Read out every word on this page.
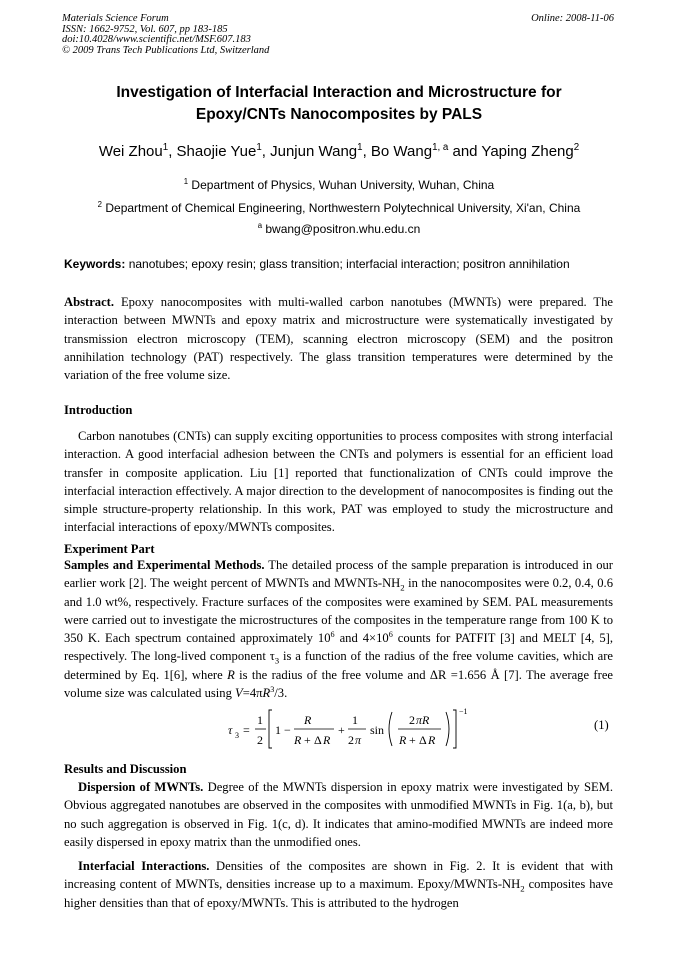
Materials Science Forum
ISSN: 1662-9752, Vol. 607, pp 183-185
doi:10.4028/www.scientific.net/MSF.607.183
© 2009 Trans Tech Publications Ltd, Switzerland
Online: 2008-11-06
Investigation of Interfacial Interaction and Microstructure for
Epoxy/CNTs Nanocomposites by PALS
Wei Zhou$^1$, Shaojie Yue$^1$, Junjun Wang$^1$, Bo Wang$^{1, a}$ and Yaping Zheng$^2$
$^1$ Department of Physics, Wuhan University, Wuhan, China
$^2$ Department of Chemical Engineering, Northwestern Polytechnical University, Xi'an, China
$^a$ bwang@positron.whu.edu.cn
Keywords: nanotubes; epoxy resin; glass transition; interfacial interaction; positron annihilation

Abstract. Epoxy nanocomposites with multi-walled carbon nanotubes (MWNTs) were prepared. The interaction between MWNTs and epoxy matrix and microstructure were systematically investigated by transmission electron microscopy (TEM), scanning electron microscopy (SEM) and the positron annihilation technology (PAT) respectively. The glass transition temperatures were determined by the variation of the free volume size.

Introduction

Carbon nanotubes (CNTs) can supply exciting opportunities to process composites with strong interfacial interaction. A good interfacial adhesion between the CNTs and polymers is essential for an efficient load transfer in composite application. Liu [1] reported that functionalization of CNTs could improve the interfacial interaction effectively. A major direction to the development of nanocomposites is finding out the simple structure-property relationship. In this work, PAT was employed to study the microstructure and interfacial interactions of epoxy/MWNTs composites.

Experiment Part

Samples and Experimental Methods. The detailed process of the sample preparation is introduced in our earlier work [2]. The weight percent of MWNTs and MWNTs-$NH_2$ in the nanocomposites were 0.2, 0.4, 0.6 and 1.0 wt%, respectively. Fracture surfaces of the composites were examined by SEM. PAL measurements were carried out to investigate the microstructures of the composites in the temperature range from 100 K to 350 K. Each spectrum contained approximately $10^6$ and $4\times 10^6$ counts for PATFIT [3] and MELT [4, 5], respectively. The long-lived component $\tau_3$ is a function of the radius of the free volume cavities, which are determined by Eq. 1[6], where R is the radius of the free volume and ΔR =1.656 Å [7]. The average free volume size was calculated using $V=4\pi R^3/3$.

τ 3 =
1
2
1 −
R
R + Δ R
+
1
2 π
sin
2 πR
R + Δ R
−1
(1)
Results and Discussion

Dispersion of MWNTs. Degree of the MWNTs dispersion in epoxy matrix were investigated by SEM. Obvious aggregated nanotubes are observed in the composites with unmodified MWNTs in Fig. 1(a, b), but no such aggregation is observed in Fig. 1(c, d). It indicates that amino-modified MWNTs are indeed more easily dispersed in epoxy matrix than the unmodified ones.

Interfacial Interactions. Densities of the composites are shown in Fig. 2. It is evident that with increasing content of MWNTs, densities increase up to a maximum. Epoxy/$MWNTs-NH_2$ composites have higher densities than that of epoxy/MWNTs. This is attributed to the hydrogen
